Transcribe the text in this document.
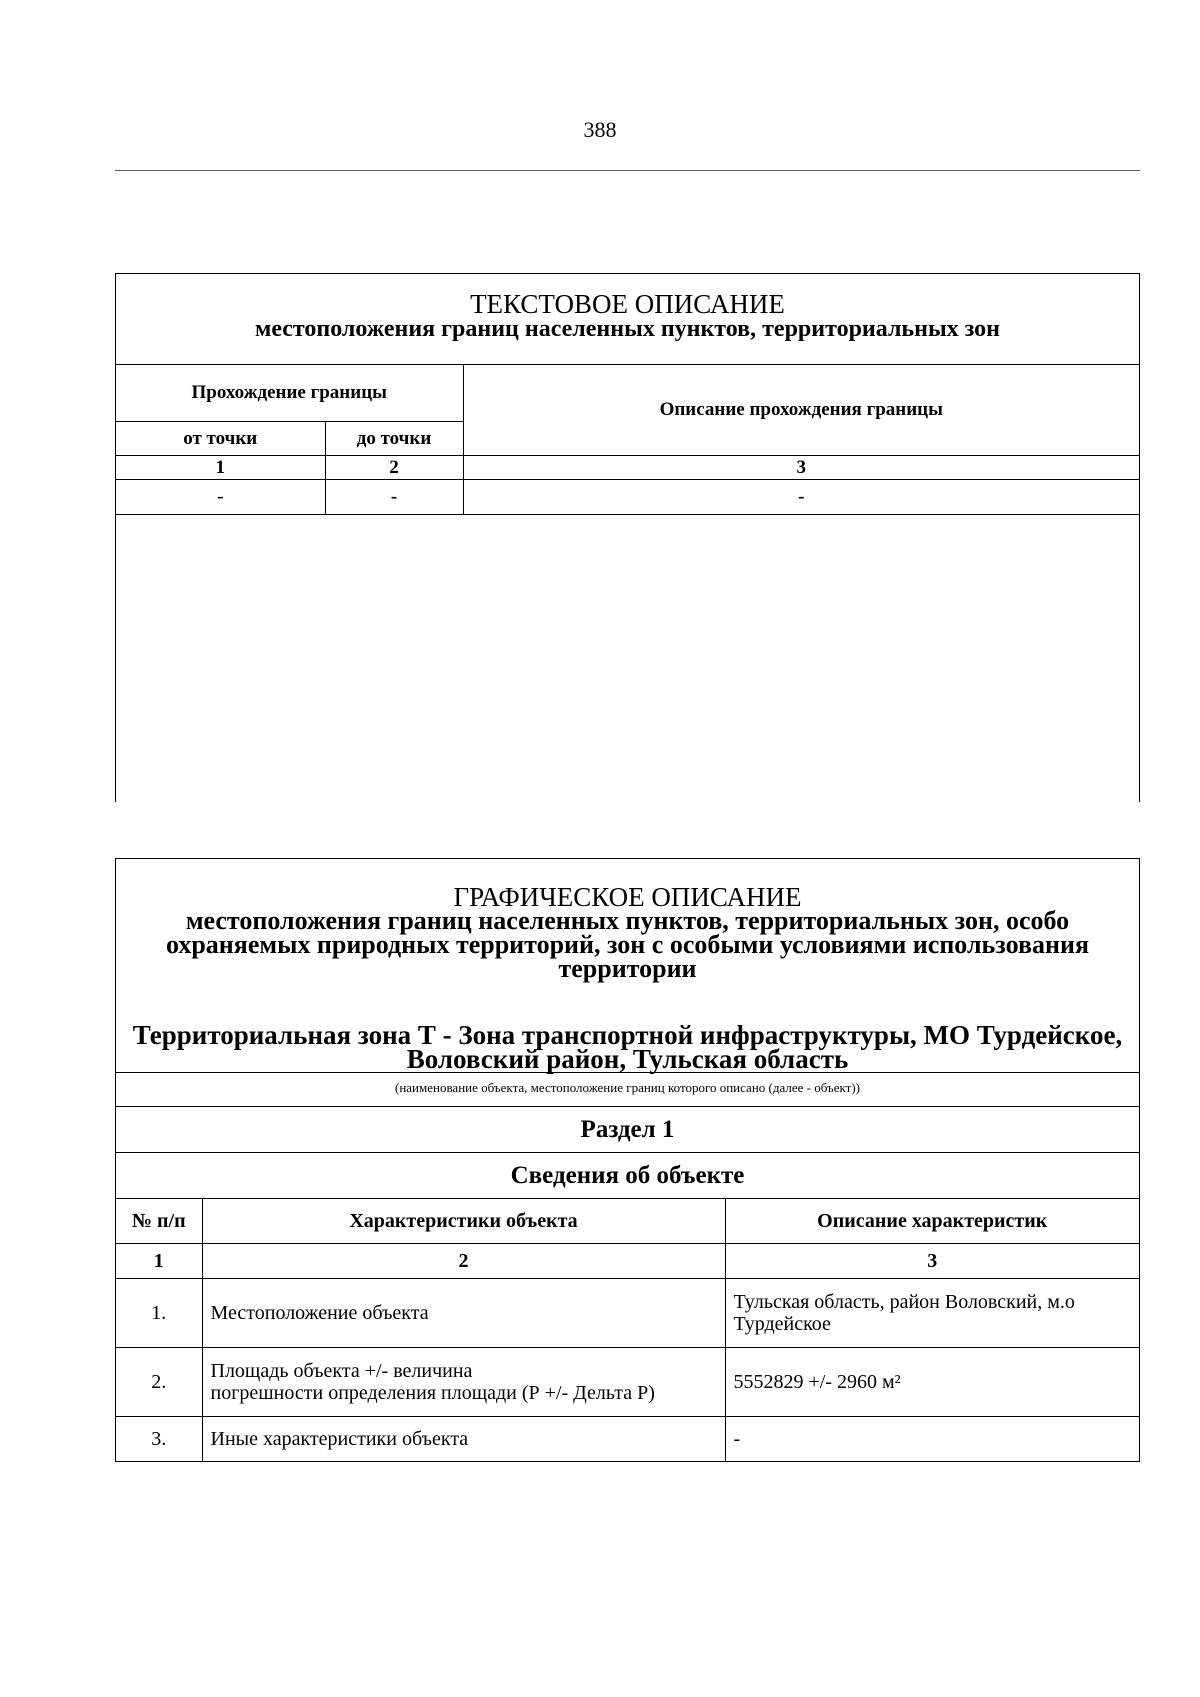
388
ТЕКСТОВОЕ ОПИСАНИЕ
местоположения границ населенных пунктов, территориальных зон
Прохождение границы		Описание прохождения границы
от точки	до точки	
1	2	3
-	-	-
ГРАФИЧЕСКОЕ ОПИСАНИЕ
местоположения границ населенных пунктов, территориальных зон, особо охраняемых природных территорий, зон с особыми условиями использования территории
Территориальная зона Т - Зона транспортной инфраструктуры, МО Турдейское, Воловский район, Тульская область
(наименование объекта, местоположение границ которого описано (далее - объект))
Раздел 1
Сведения об объекте
№ п/п	Характеристики объекта	Описание характеристик
1	2	3
1.	Местоположение объекта	Тульская область, район Воловский, м.о Турдейское
2.	Площадь объекта +/- величина
погрешности определения площади (Р +/- Дельта Р)	5552829 +/- 2960 м²
3.	Иные характеристики объекта	-
